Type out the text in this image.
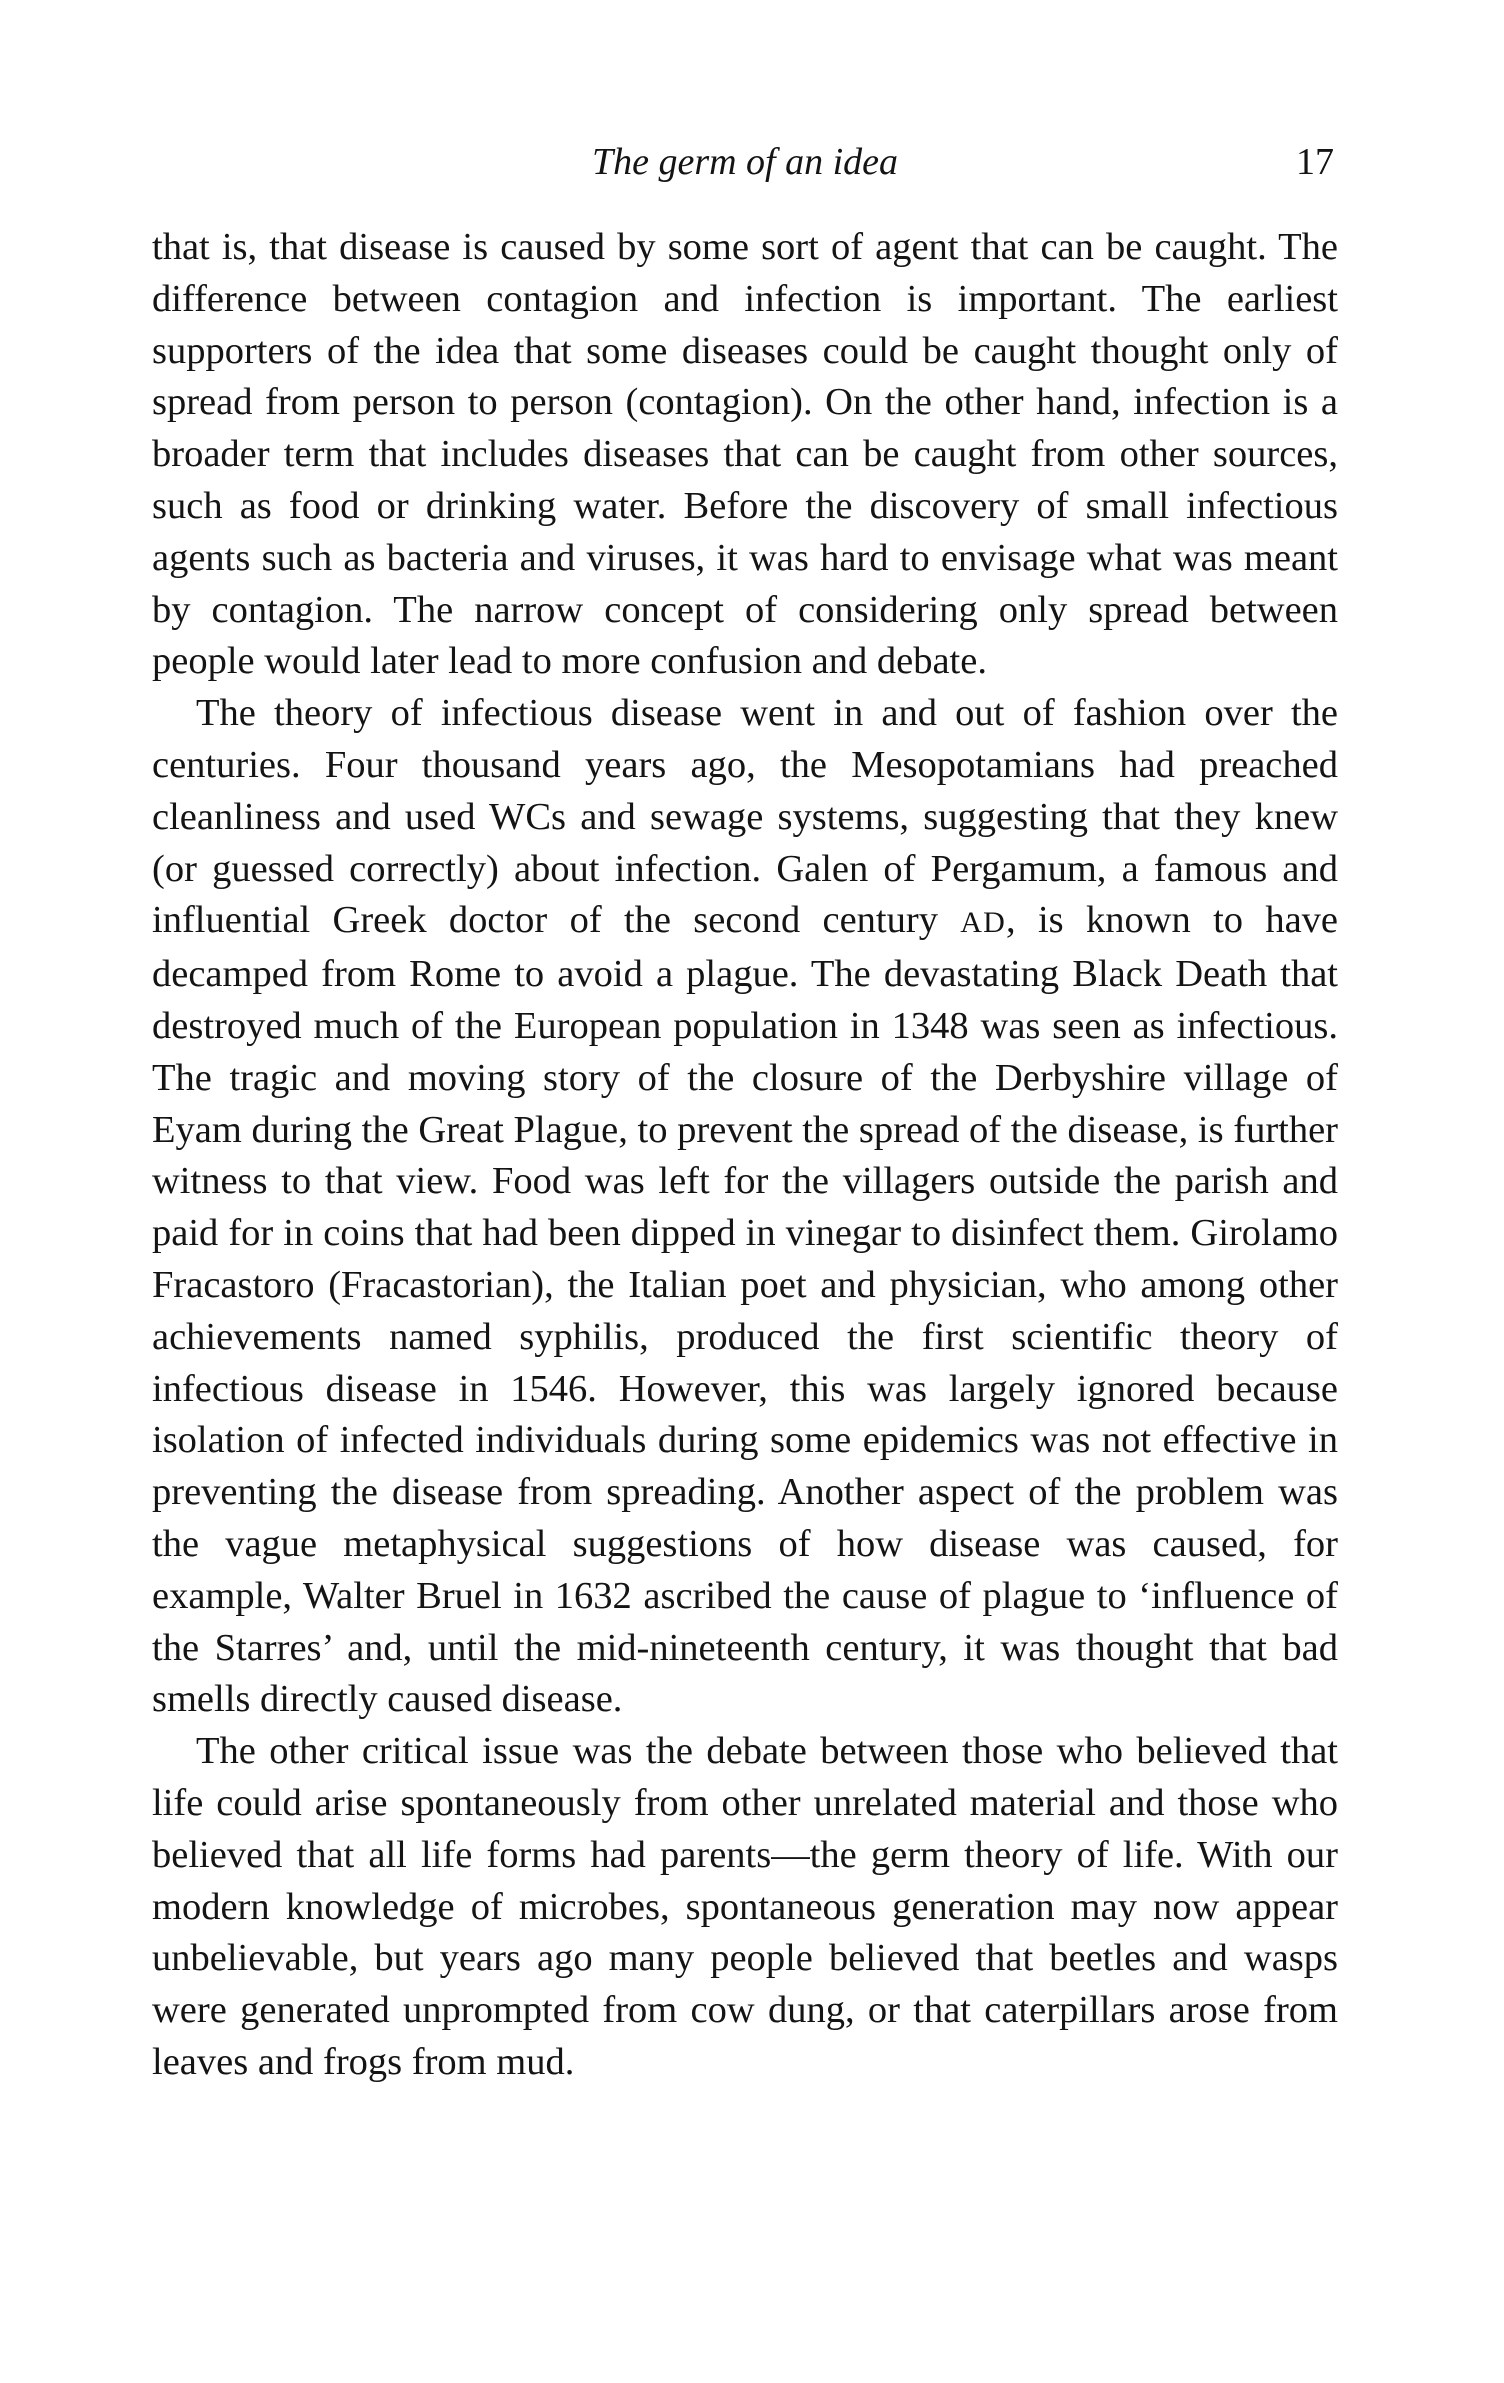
The germ of an idea	17

that is, that disease is caused by some sort of agent that can be caught. The difference between contagion and infection is important. The earliest supporters of the idea that some diseases could be caught thought only of spread from person to person (contagion). On the other hand, infection is a broader term that includes diseases that can be caught from other sources, such as food or drinking water. Before the discovery of small infectious agents such as bacteria and viruses, it was hard to envisage what was meant by contagion. The narrow concept of considering only spread between people would later lead to more confusion and debate.

The theory of infectious disease went in and out of fashion over the centuries. Four thousand years ago, the Mesopotamians had preached cleanliness and used WCs and sewage systems, suggesting that they knew (or guessed correctly) about infection. Galen of Pergamum, a famous and influential Greek doctor of the second century AD, is known to have decamped from Rome to avoid a plague. The devastating Black Death that destroyed much of the European population in 1348 was seen as infectious. The tragic and moving story of the closure of the Derbyshire village of Eyam during the Great Plague, to prevent the spread of the disease, is further witness to that view. Food was left for the villagers outside the parish and paid for in coins that had been dipped in vinegar to disinfect them. Girolamo Fracastoro (Fracastorian), the Italian poet and physician, who among other achievements named syphilis, produced the first scientific theory of infectious disease in 1546. However, this was largely ignored because isolation of infected individuals during some epidemics was not effective in preventing the disease from spreading. Another aspect of the problem was the vague metaphysical suggestions of how disease was caused, for example, Walter Bruel in 1632 ascribed the cause of plague to ‘influence of the Starres’ and, until the mid-nineteenth century, it was thought that bad smells directly caused disease.

The other critical issue was the debate between those who believed that life could arise spontaneously from other unrelated material and those who believed that all life forms had parents—the germ theory of life. With our modern knowledge of microbes, spontaneous generation may now appear unbelievable, but years ago many people believed that beetles and wasps were generated unprompted from cow dung, or that caterpillars arose from leaves and frogs from mud.
